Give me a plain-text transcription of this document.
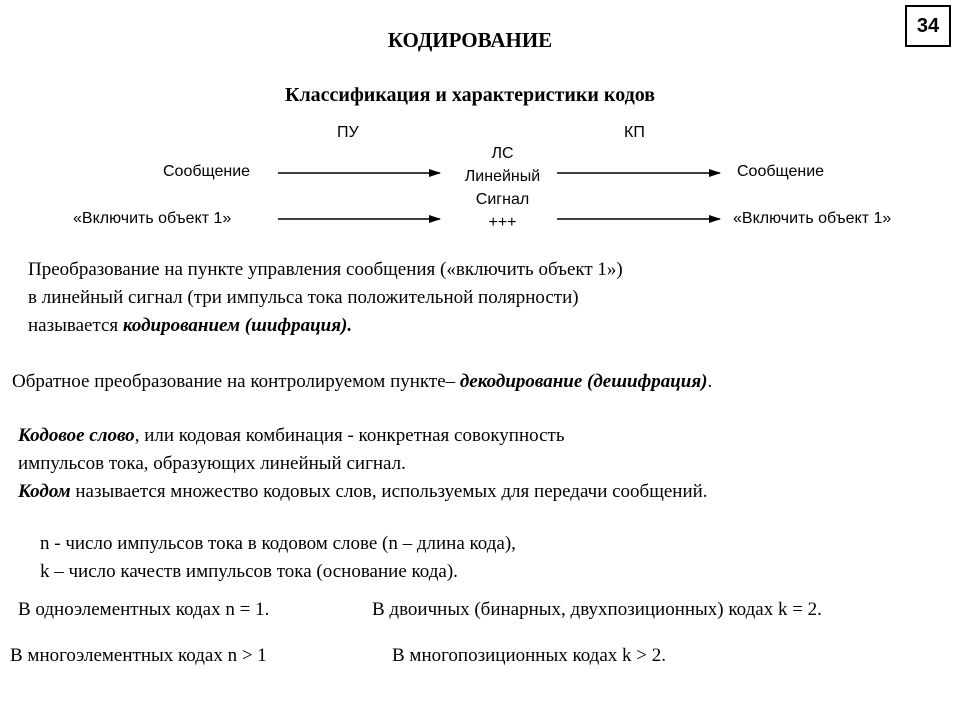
34
КОДИРОВАНИЕ
Классификация и характеристики кодов
ПУ	КП
Сообщение
«Включить объект 1»
ЛС
Линейный
Сигнал
+++
Сообщение
«Включить объект 1»
Преобразование на пункте управления сообщения («включить объект 1»)
в линейный сигнал (три импульса тока положительной полярности)
называется кодированием (шифрация).
Обратное преобразование на контролируемом пункте– декодирование (дешифрация).
Кодовое слово, или кодовая комбинация - конкретная совокупность
импульсов тока, образующих линейный сигнал.
Кодом называется множество кодовых слов, используемых для передачи сообщений.
n - число импульсов тока в кодовом слове (n – длина кода),
k – число качеств импульсов тока (основание кода).
В одноэлементных кодах n = 1.	В двоичных (бинарных, двухпозиционных) кодах k = 2.
В многоэлементных кодах n > 1	В многопозиционных кодах k > 2.
